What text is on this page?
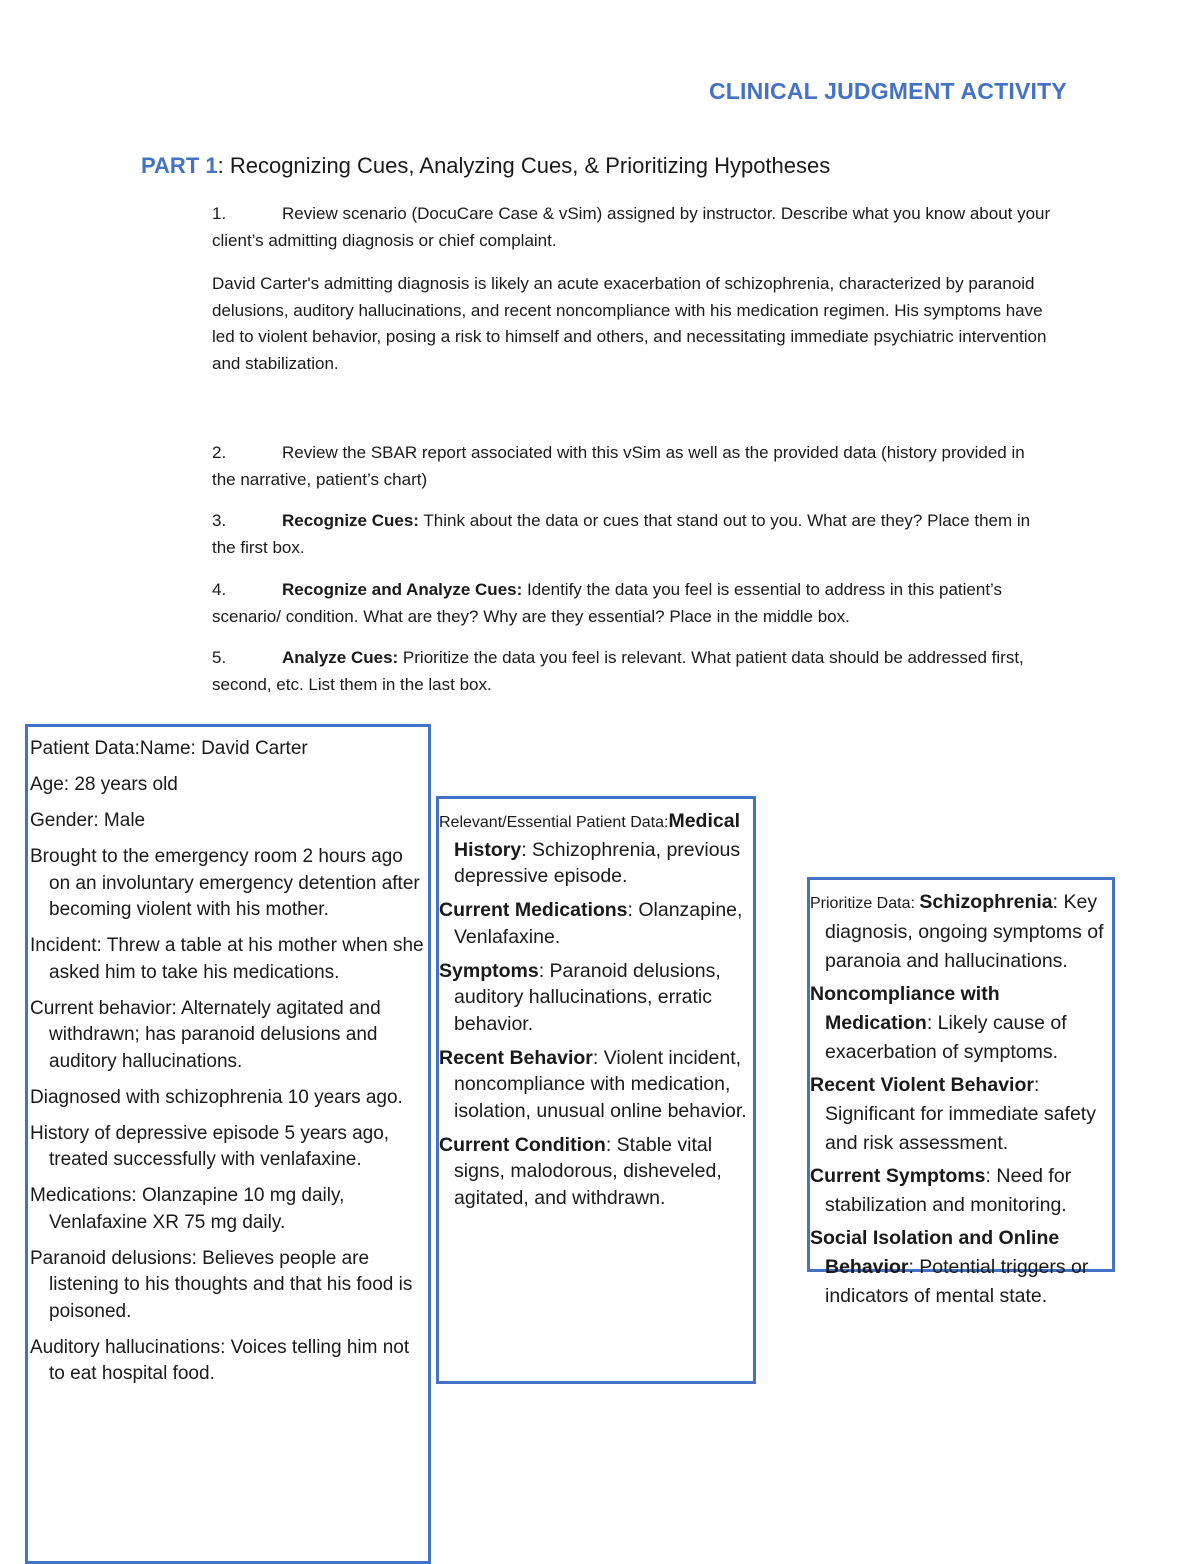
CLINICAL JUDGMENT ACTIVITY
PART 1: Recognizing Cues, Analyzing Cues, & Prioritizing Hypotheses
1.	Review scenario (DocuCare Case & vSim) assigned by instructor. Describe what you know about your client’s admitting diagnosis or chief complaint.
David Carter's admitting diagnosis is likely an acute exacerbation of schizophrenia, characterized by paranoid delusions, auditory hallucinations, and recent noncompliance with his medication regimen. His symptoms have led to violent behavior, posing a risk to himself and others, and necessitating immediate psychiatric intervention and stabilization.
2.	Review the SBAR report associated with this vSim as well as the provided data (history provided in the narrative, patient’s chart)
3.	Recognize Cues: Think about the data or cues that stand out to you. What are they? Place them in the first box.
4.	Recognize and Analyze Cues: Identify the data you feel is essential to address in this patient’s scenario/ condition. What are they? Why are they essential? Place in the middle box.
5.	Analyze Cues: Prioritize the data you feel is relevant. What patient data should be addressed first, second, etc. List them in the last box.
Patient Data:Name: David Carter
Age: 28 years old
Gender: Male
Brought to the emergency room 2 hours ago on an involuntary emergency detention after becoming violent with his mother.
Incident: Threw a table at his mother when she asked him to take his medications.
Current behavior: Alternately agitated and withdrawn; has paranoid delusions and auditory hallucinations.
Diagnosed with schizophrenia 10 years ago.
History of depressive episode 5 years ago, treated successfully with venlafaxine.
Medications: Olanzapine 10 mg daily, Venlafaxine XR 75 mg daily.
Paranoid delusions: Believes people are listening to his thoughts and that his food is poisoned.
Auditory hallucinations: Voices telling him not to eat hospital food.
Relevant/Essential Patient Data:Medical History: Schizophrenia, previous depressive episode.
Current Medications: Olanzapine, Venlafaxine.
Symptoms: Paranoid delusions, auditory hallucinations, erratic behavior.
Recent Behavior: Violent incident, noncompliance with medication, isolation, unusual online behavior.
Current Condition: Stable vital signs, malodorous, disheveled, agitated, and withdrawn.
Prioritize Data: Schizophrenia: Key diagnosis, ongoing symptoms of paranoia and hallucinations.
Noncompliance with Medication: Likely cause of exacerbation of symptoms.
Recent Violent Behavior: Significant for immediate safety and risk assessment.
Current Symptoms: Need for stabilization and monitoring.
Social Isolation and Online Behavior: Potential triggers or indicators of mental state.
